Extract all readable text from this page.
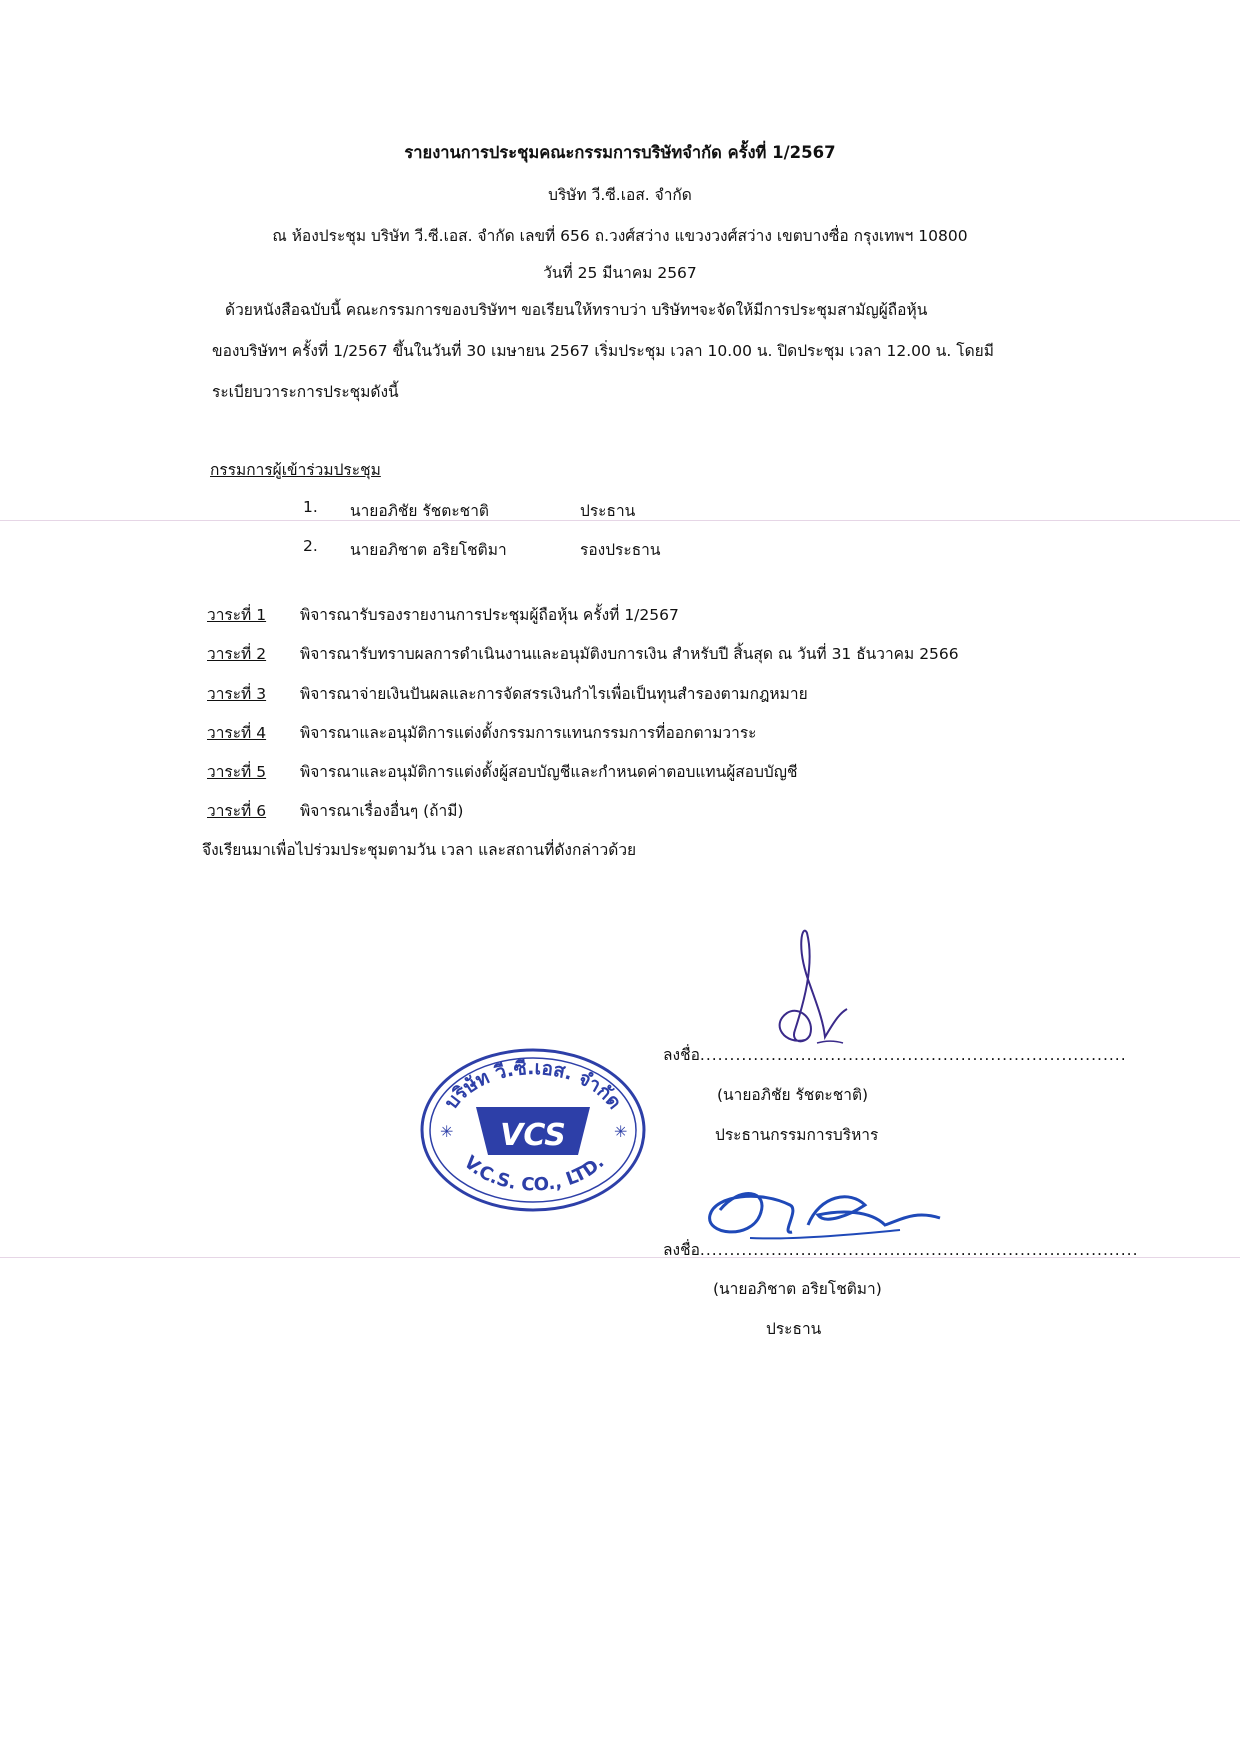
รายงานการประชุมคณะกรรมการบริษัทจำกัด ครั้งที่ 1/2567
บริษัท วี.ซี.เอส. จำกัด
ณ ห้องประชุม บริษัท วี.ซี.เอส. จำกัด เลขที่ 656 ถ.วงศ์สว่าง แขวงวงศ์สว่าง เขตบางซื่อ กรุงเทพฯ 10800
วันที่ 25 มีนาคม 2567
ด้วยหนังสือฉบับนี้ คณะกรรมการของบริษัทฯ ขอเรียนให้ทราบว่า บริษัทฯจะจัดให้มีการประชุมสามัญผู้ถือหุ้น
ของบริษัทฯ ครั้งที่ 1/2567 ขึ้นในวันที่ 30 เมษายน 2567 เริ่มประชุม เวลา 10.00 น. ปิดประชุม เวลา 12.00 น. โดยมี
ระเบียบวาระการประชุมดังนี้
กรรมการผู้เข้าร่วมประชุม
1. นายอภิชัย รัชตะชาติ	ประธาน
2. นายอภิชาต อริยโชติมา	รองประธาน
วาระที่ 1 พิจารณารับรองรายงานการประชุมผู้ถือหุ้น ครั้งที่ 1/2567
วาระที่ 2 พิจารณารับทราบผลการดำเนินงานและอนุมัติงบการเงิน สำหรับปี สิ้นสุด ณ วันที่ 31 ธันวาคม 2566
วาระที่ 3 พิจารณาจ่ายเงินปันผลและการจัดสรรเงินกำไรเพื่อเป็นทุนสำรองตามกฎหมาย
วาระที่ 4 พิจารณาและอนุมัติการแต่งตั้งกรรมการแทนกรรมการที่ออกตามวาระ
วาระที่ 5 พิจารณาและอนุมัติการแต่งตั้งผู้สอบบัญชีและกำหนดค่าตอบแทนผู้สอบบัญชี
วาระที่ 6 พิจารณาเรื่องอื่นๆ (ถ้ามี)
จึงเรียนมาเพื่อไปร่วมประชุมตามวัน เวลา และสถานที่ดังกล่าวด้วย
✳	✳
VCS
บริษัท วี.ซี.เอส. จำกัด
V.C.S. CO., LTD.
ลงชื่อ........................................................................
(นายอภิชัย รัชตะชาติ)
ประธานกรรมการบริหาร
ลงชื่อ..........................................................................
(นายอภิชาต อริยโชติมา)
ประธาน
